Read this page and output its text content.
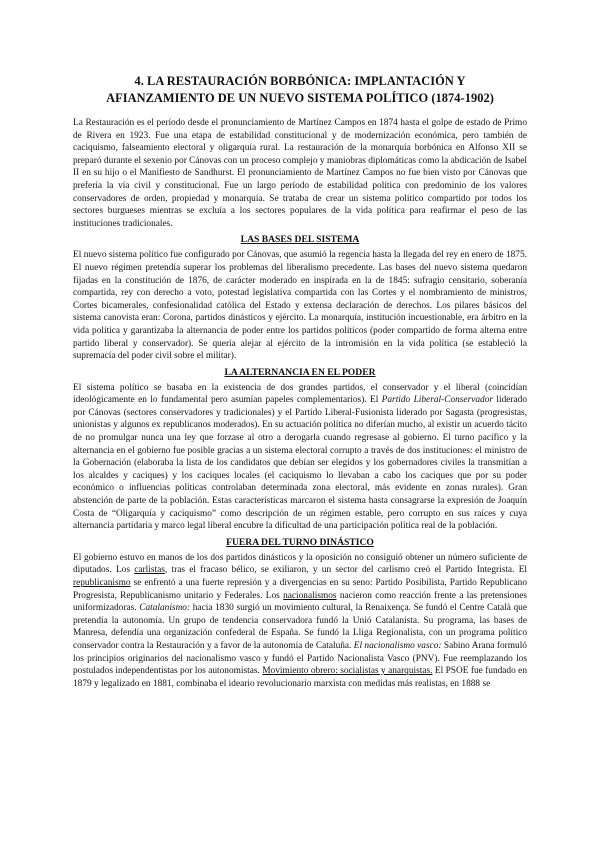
4. LA RESTAURACIÓN BORBÓNICA: IMPLANTACIÓN Y
AFIANZAMIENTO DE UN NUEVO SISTEMA POLÍTICO (1874-1902)

La Restauración es el período desde el pronunciamiento de Martínez Campos en 1874 hasta el golpe de estado de Primo de Rivera en 1923. Fue una etapa de estabilidad constitucional y de modernización económica, pero también de caciquismo, falseamiento electoral y oligarquía rural. La restauración de la monarquía borbónica en Alfonso XII se preparó durante el sexenio por Cánovas con un proceso complejo y maniobras diplomáticas como la abdicación de Isabel II en su hijo o el Manifiesto de Sandhurst. El pronunciamiento de Martínez Campos no fue bien visto por Cánovas que prefería la vía civil y constitucional. Fue un largo período de estabilidad política con predominio de los valores conservadores de orden, propiedad y monarquía. Se trataba de crear un sistema político compartido por todos los sectores burgueses mientras se excluía a los sectores populares de la vida política para reafirmar el peso de las instituciones tradicionales.

LAS BASES DEL SISTEMA

El nuevo sistema político fue configurado por Cánovas, que asumió la regencia hasta la llegada del rey en enero de 1875. El nuevo régimen pretendía superar los problemas del liberalismo precedente. Las bases del nuevo sistema quedaron fijadas en la constitución de 1876, de carácter moderado en inspirada en la de 1845: sufragio censitario, soberanía compartida, rey con derecho a voto, potestad legislativa compartida con las Cortes y el nombramiento de ministros, Cortes bicamerales, confesionalidad católica del Estado y extensa declaración de derechos. Los pilares básicos del sistema canovista eran: Corona, partidos dinásticos y ejército. La monarquía, institución incuestionable, era árbitro en la vida política y garantizaba la alternancia de poder entre los partidos políticos (poder compartido de forma alterna entre partido liberal y conservador). Se quería alejar al ejército de la intromisión en la vida política (se estableció la supremacía del poder civil sobre el militar).

LA ALTERNANCIA EN EL PODER

El sistema político se basaba en la existencia de dos grandes partidos, el conservador y el liberal (coincidían ideológicamente en lo fundamental pero asumían papeles complementarios). El Partido Liberal-Conservador liderado por Cánovas (sectores conservadores y tradicionales) y el Partido Liberal-Fusionista liderado por Sagasta (progresistas, unionistas y algunos ex republicanos moderados). En su actuación política no diferían mucho, al existir un acuerdo tácito de no promulgar nunca una ley que forzase al otro a derogarla cuando regresase al gobierno. El turno pacífico y la alternancia en el gobierno fue posible gracias a un sistema electoral corrupto a través de dos instituciones: el ministro de la Gobernación (elaboraba la lista de los candidatos que debían ser elegidos y los gobernadores civiles la transmitían a los alcaldes y caciques) y los caciques locales (el caciquismo lo llevaban a cabo los caciques que por su poder económico o influencias políticas controlaban determinada zona electoral, más evidente en zonas rurales). Gran abstención de parte de la población. Estas características marcaron el sistema hasta consagrarse la expresión de Joaquín Costa de “Oligarquía y caciquismo” como descripción de un régimen estable, pero corrupto en sus raíces y cuya alternancia partidaria y marco legal liberal encubre la dificultad de una participación política real de la población.

FUERA DEL TURNO DINÁSTICO

El gobierno estuvo en manos de los dos partidos dinásticos y la oposición no consiguió obtener un número suficiente de diputados. Los carlistas, tras el fracaso bélico, se exiliaron, y un sector del carlismo creó el Partido Integrista. El republicanismo se enfrentó a una fuerte represión y a divergencias en su seno: Partido Posibilista, Partido Republicano Progresista, Republicanismo unitario y Federales. Los nacionalismos nacieron como reacción frente a las pretensiones uniformizadoras. Catalanismo: hacia 1830 surgió un movimiento cultural, la Renaixença. Se fundó el Centre Català que pretendía la autonomía. Un grupo de tendencia conservadora fundó la Unió Catalanista. Su programa, las bases de Manresa, defendía una organización confederal de España. Se fundó la Lliga Regionalista, con un programa político conservador contra la Restauración y a favor de la autonomía de Cataluña. El nacionalismo vasco: Sabino Arana formuló los principios originarios del nacionalismo vasco y fundó el Partido Nacionalista Vasco (PNV). Fue reemplazando los postulados independentistas por los autonomistas. Movimiento obrero: socialistas y anarquistas. El PSOE fue fundado en 1879 y legalizado en 1881, combinaba el ideario revolucionario marxista con medidas más realistas, en 1888 se
